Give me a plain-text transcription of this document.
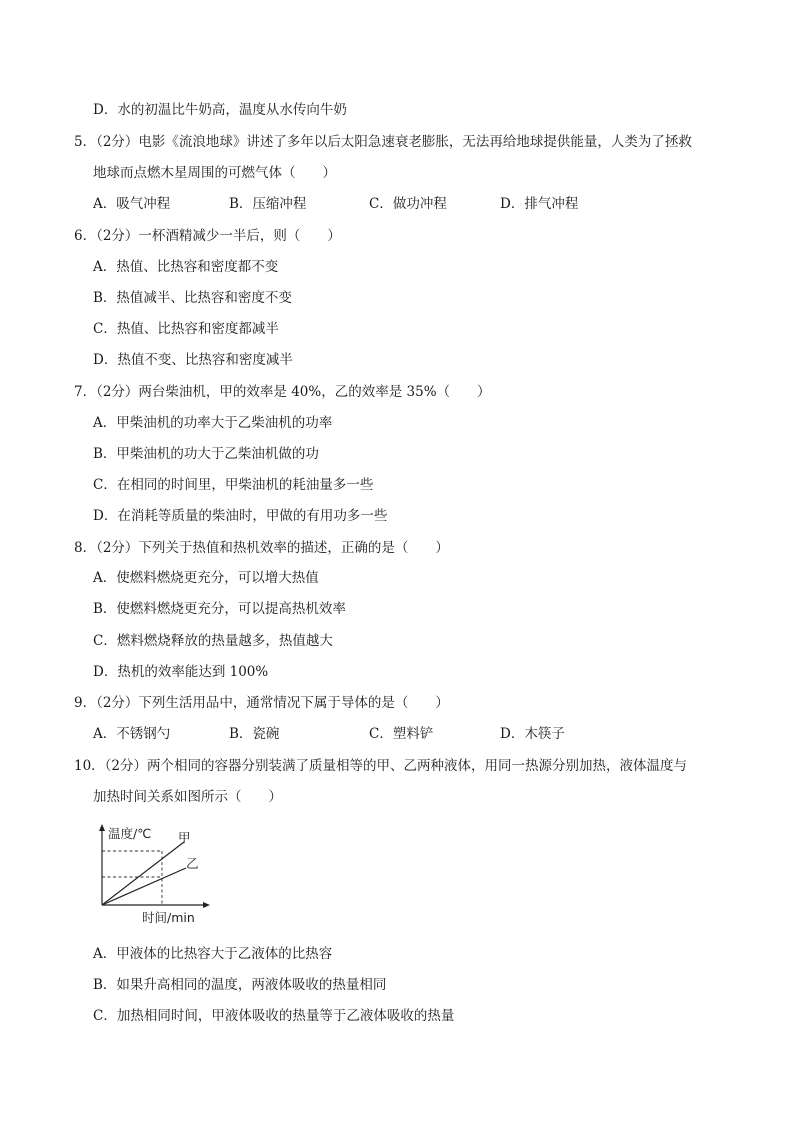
D．水的初温比牛奶高，温度从水传向牛奶
5．（2分）电影《流浪地球》讲述了多年以后太阳急速衰老膨胀，无法再给地球提供能量，人类为了拯救
地球而点燃木星周围的可燃气体（　　）
A．吸气冲程	B．压缩冲程	C．做功冲程	D．排气冲程
6．（2分）一杯酒精减少一半后，则（　　）
A．热值、比热容和密度都不变
B．热值减半、比热容和密度不变
C．热值、比热容和密度都减半
D．热值不变、比热容和密度减半
7．（2分）两台柴油机，甲的效率是 40%，乙的效率是 35%（　　）
A．甲柴油机的功率大于乙柴油机的功率
B．甲柴油机的功大于乙柴油机做的功
C．在相同的时间里，甲柴油机的耗油量多一些
D．在消耗等质量的柴油时，甲做的有用功多一些
8．（2分）下列关于热值和热机效率的描述，正确的是（　　）
A．使燃料燃烧更充分，可以增大热值
B．使燃料燃烧更充分，可以提高热机效率
C．燃料燃烧释放的热量越多，热值越大
D．热机的效率能达到 100%
9．（2分）下列生活用品中，通常情况下属于导体的是（　　）
A．不锈钢勺	B．瓷碗	C．塑料铲	D．木筷子
10．（2分）两个相同的容器分别装满了质量相等的甲、乙两种液体，用同一热源分别加热，液体温度与
加热时间关系如图所示（　　）
温度/℃
时间/min
甲
乙
A．甲液体的比热容大于乙液体的比热容
B．如果升高相同的温度，两液体吸收的热量相同
C．加热相同时间，甲液体吸收的热量等于乙液体吸收的热量
